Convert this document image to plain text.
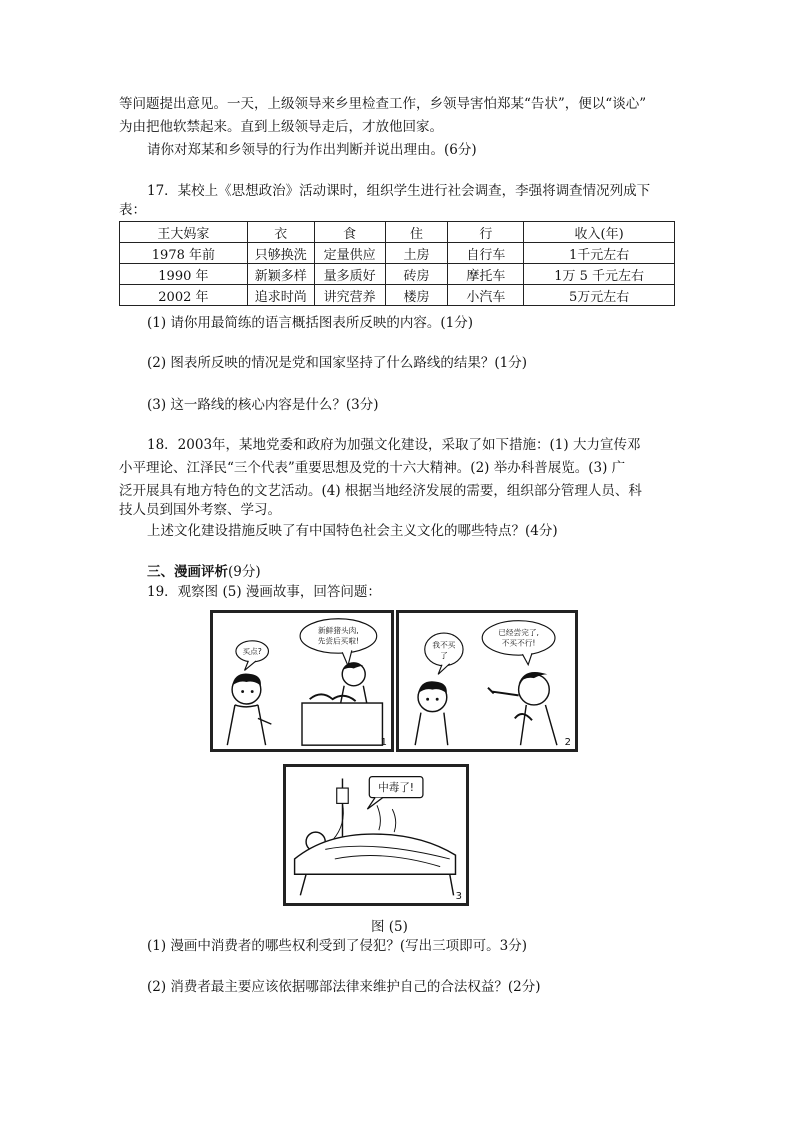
等问题提出意见。一天，上级领导来乡里检查工作，乡领导害怕郑某“告状”，便以“谈心”
为由把他软禁起来。直到上级领导走后，才放他回家。
请你对郑某和乡领导的行为作出判断并说出理由。(6分)
17．某校上《思想政治》活动课时，组织学生进行社会调查，李强将调查情况列成下
表：
王大妈家	衣	食	住	行	收入(年)
1978 年前	只够换洗	定量供应	土房	自行车	1千元左右
1990 年	新颖多样	量多质好	砖房	摩托车	1万 5 千元左右
2002 年	追求时尚	讲究营养	楼房	小汽车	5万元左右
(1) 请你用最简练的语言概括图表所反映的内容。(1分)
(2) 图表所反映的情况是党和国家坚持了什么路线的结果？(1分)
(3) 这一路线的核心内容是什么？(3分)
18．2003年，某地党委和政府为加强文化建设，采取了如下措施：(1) 大力宣传邓
小平理论、江泽民“三个代表”重要思想及党的十六大精神。(2) 举办科普展览。(3) 广
泛开展具有地方特色的文艺活动。(4) 根据当地经济发展的需要，组织部分管理人员、科
技人员到国外考察、学习。
上述文化建设措施反映了有中国特色社会主义文化的哪些特点？(4分)
三、漫画评析(9分)
19．观察图 (5) 漫画故事，回答问题：
买点?
新鲜猪头肉,
先尝后买啦!
1
我不买
了
已经尝完了,
不买不行!
2
中毒了!
3
图 (5)
(1) 漫画中消费者的哪些权利受到了侵犯？(写出三项即可。3分)
(2) 消费者最主要应该依据哪部法律来维护自己的合法权益？(2分)
